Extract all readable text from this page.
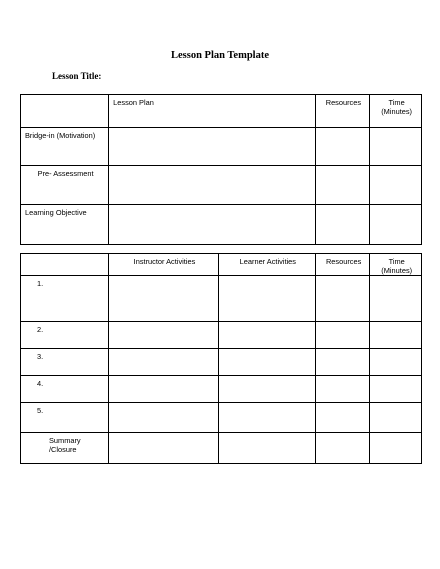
Lesson Plan Template
Lesson Title:

	Lesson Plan	Resources	Time (Minutes)

Bridge-in (Motivation)			

Pre- Assessment			

Learning Objective			

	Instructor Activities	Learner Activities	Resources	Time (Minutes)

1.				

2.				

3.				

4.				

5.				

Summary /Closure				
